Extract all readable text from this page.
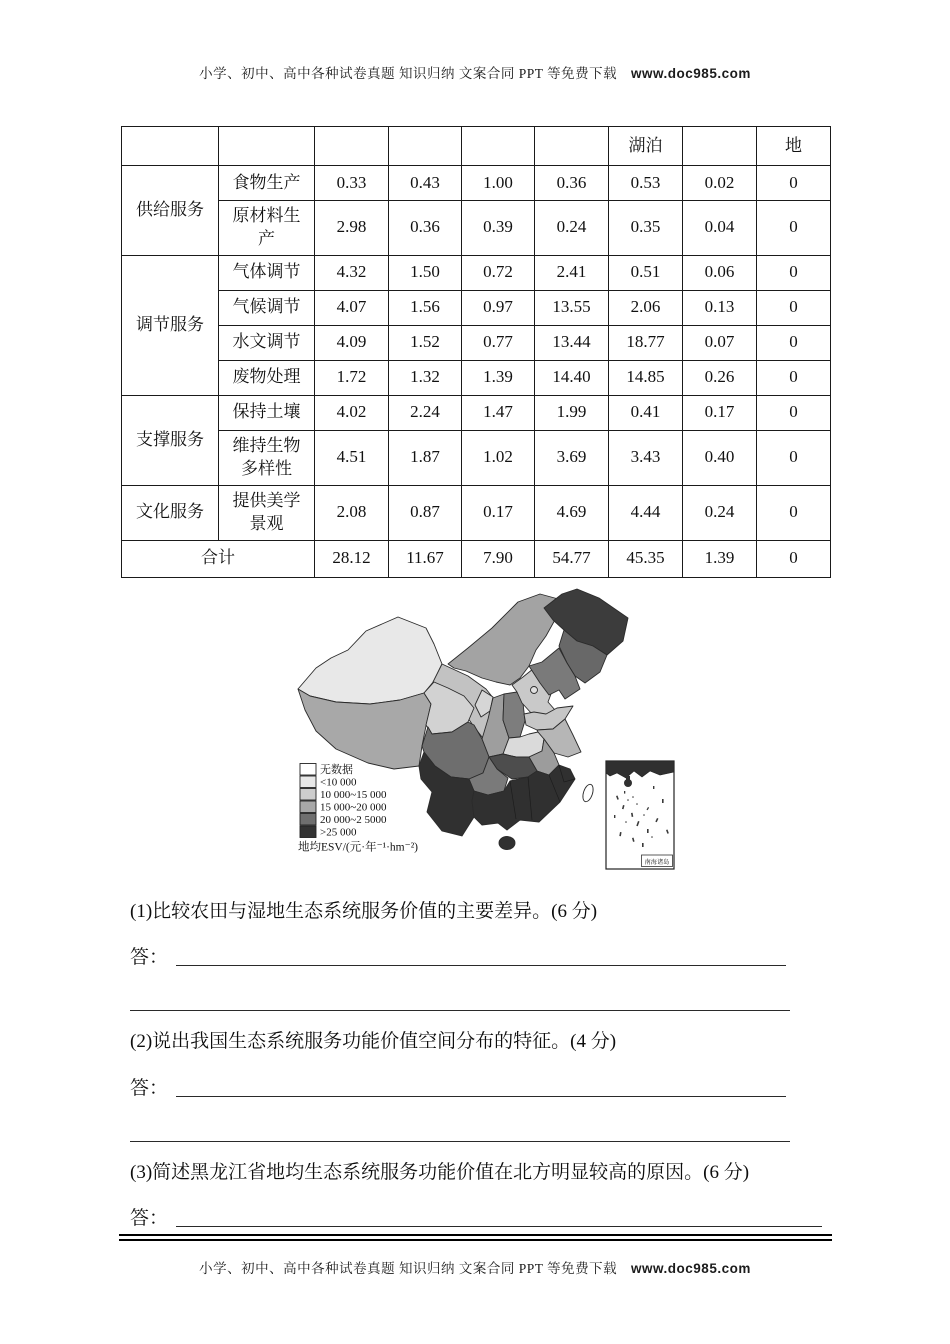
小学、初中、高中各种试卷真题 知识归纳 文案合同 PPT 等免费下载 www.doc985.com
						湖泊		地
供给服务	食物生产	0.33	0.43	1.00	0.36	0.53	0.02	0
	原材料生产	2.98	0.36	0.39	0.24	0.35	0.04	0
调节服务	气体调节	4.32	1.50	0.72	2.41	0.51	0.06	0
	气候调节	4.07	1.56	0.97	13.55	2.06	0.13	0
	水文调节	4.09	1.52	0.77	13.44	18.77	0.07	0
	废物处理	1.72	1.32	1.39	14.40	14.85	0.26	0
支撑服务	保持土壤	4.02	2.24	1.47	1.99	0.41	0.17	0
	维持生物多样性	4.51	1.87	1.02	3.69	3.43	0.40	0
文化服务	提供美学景观	2.08	0.87	0.17	4.69	4.44	0.24	0
合计		28.12	11.67	7.90	54.77	45.35	1.39	0
无数据
<10 000
10 000~15 000
15 000~20 000
20 000~2 5000
>25 000
地均ESV/(元·年⁻¹·hm⁻²)
南海诸岛

(1)比较农田与湿地生态系统服务价值的主要差异。(6 分)

答：

(2)说出我国生态系统服务功能价值空间分布的特征。(4 分)

答：

(3)简述黑龙江省地均生态系统服务功能价值在北方明显较高的原因。(6 分)

答：
小学、初中、高中各种试卷真题 知识归纳 文案合同 PPT 等免费下载 www.doc985.com
